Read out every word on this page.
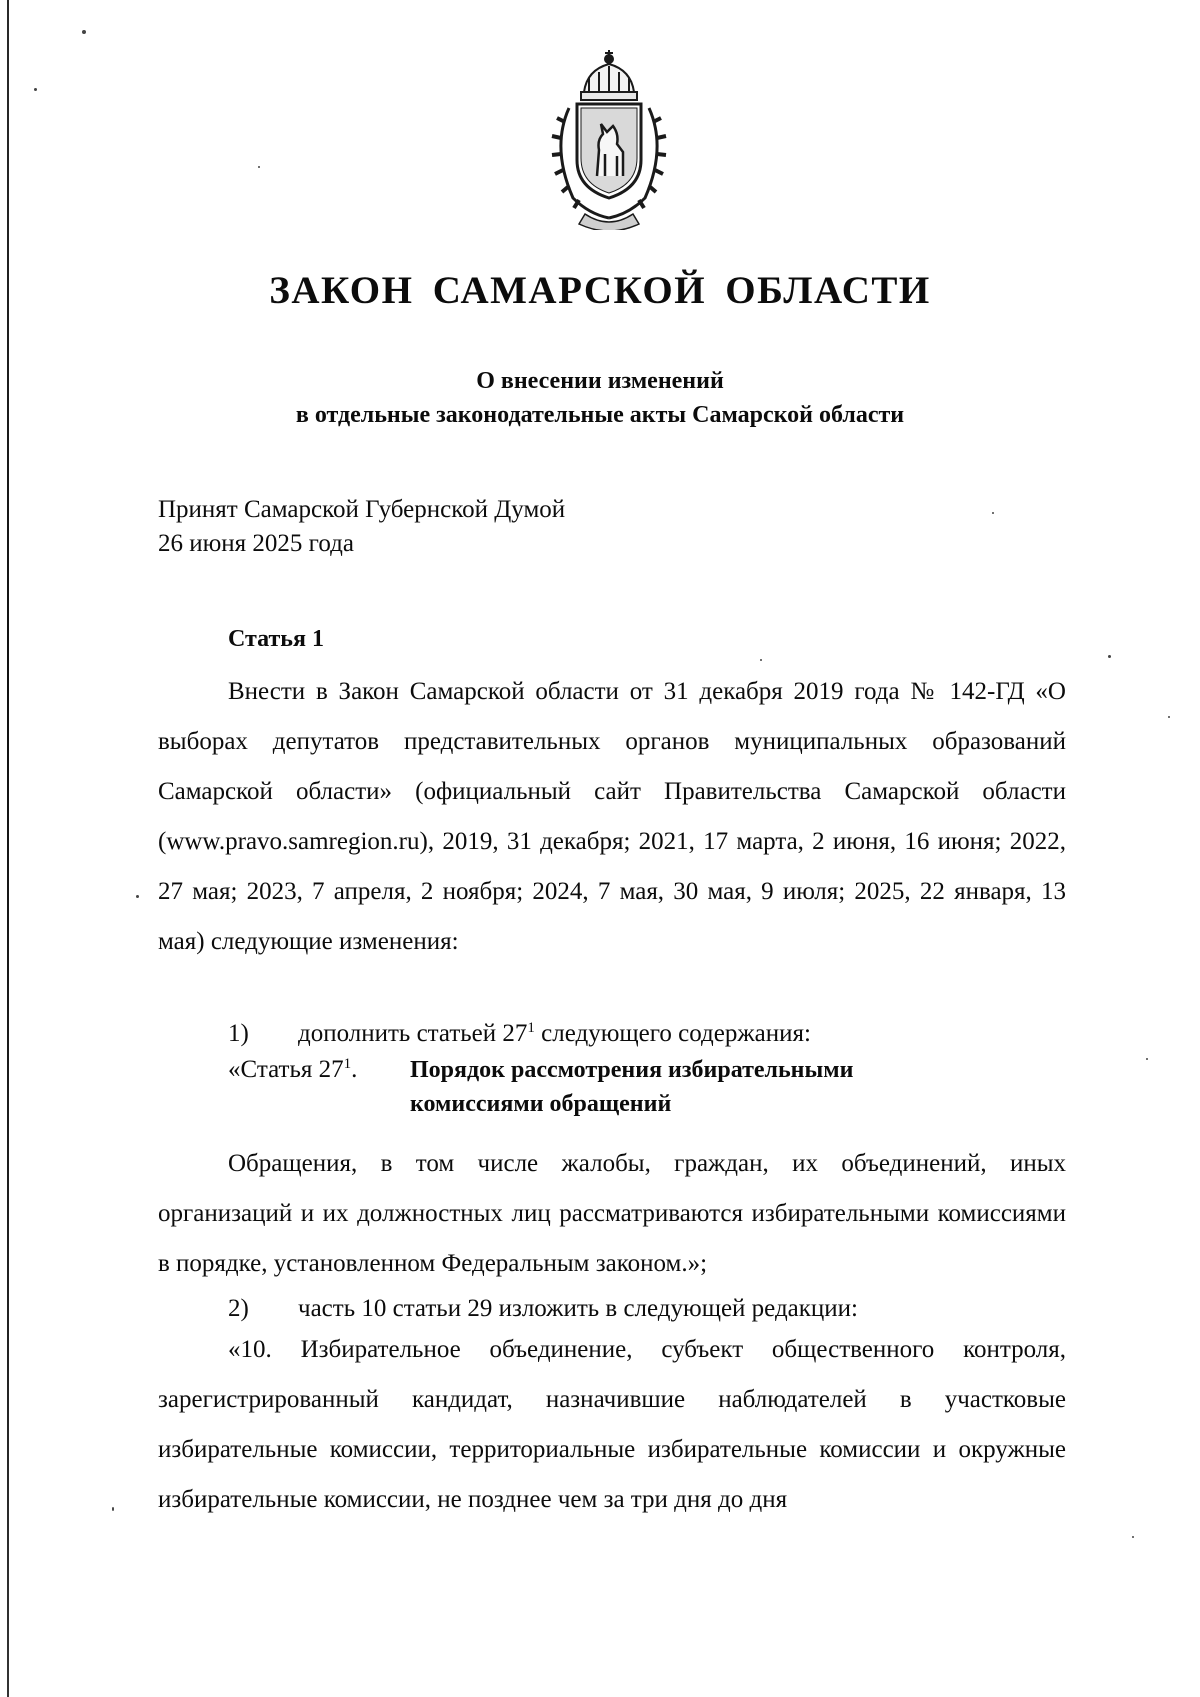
ЗАКОН САМАРСКОЙ ОБЛАСТИ
О внесении изменений
в отдельные законодательные акты Самарской области
Принят Самарской Губернской Думой
26 июня 2025 года
Статья 1
Внести в Закон Самарской области от 31 декабря 2019 года № 142-ГД «О выборах депутатов представительных органов муниципальных образований Самарской области» (официальный сайт Правительства Самарской области (www.pravo.samregion.ru), 2019, 31 декабря; 2021, 17 марта, 2 июня, 16 июня; 2022, 27 мая; 2023, 7 апреля, 2 ноября; 2024, 7 мая, 30 мая, 9 июля; 2025, 22 января, 13 мая) следующие изменения:
1) дополнить статьей $27^1$ следующего содержания:
«Статья $27^1$. Порядок рассмотрения избирательными
комиссиями обращений
Обращения, в том числе жалобы, граждан, их объединений, иных организаций и их должностных лиц рассматриваются избирательными комиссиями в порядке, установленном Федеральным законом.»;
2) часть 10 статьи 29 изложить в следующей редакции:
«10. Избирательное объединение, субъект общественного контроля, зарегистрированный кандидат, назначившие наблюдателей в участковые избирательные комиссии, территориальные избирательные комиссии и окружные избирательные комиссии, не позднее чем за три дня до дня
